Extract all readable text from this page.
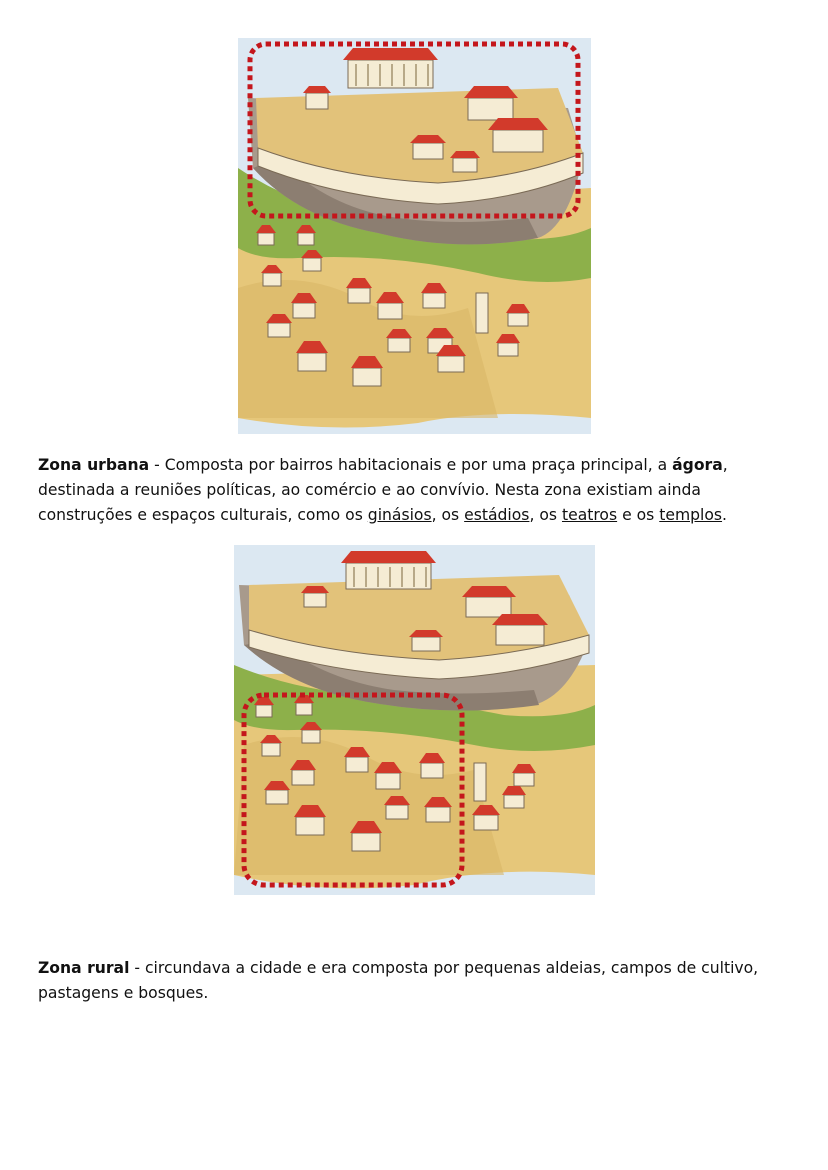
Zona urbana - Composta por bairros habitacionais e por uma praça principal, a ágora, destinada a reuniões políticas, ao comércio e ao convívio. Nesta zona existiam ainda construções e espaços culturais, como os ginásios, os estádios, os teatros e os templos.

Zona rural - circundava a cidade e era composta por pequenas aldeias, campos de cultivo, pastagens e bosques.
